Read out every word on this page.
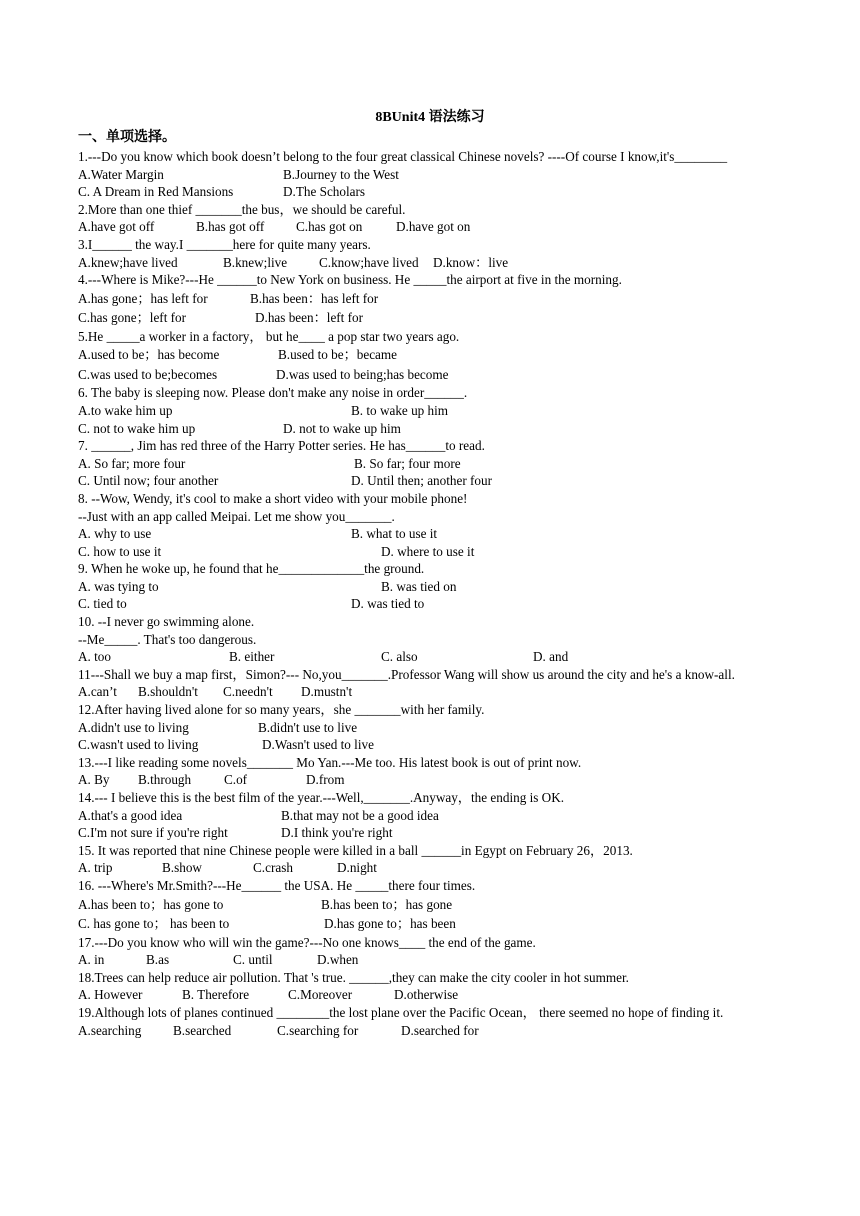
8BUnit4 语法练习
一、单项选择。
1.---Do you know which book doesn’t belong to the four great classical Chinese novels? ----Of course I know,it's________
A.Water Margin	B.Journey to the West
C. A Dream in Red Mansions	D.The Scholars
2.More than one thief _______the bus，we should be careful.
A.have got off	B.has got off C.has got on	D.have got on
3.I______ the way.I _______here for quite many years.
A.knew;have lived	B.knew;live C.know;have lived D.know：live
4.---Where is Mike?---He ______to New York on business. He _____the airport at five in the morning.
A.has gone；has left for	B.has been：has left for
C.has gone；left for	D.has been：left for
5.He _____a worker in a factory， but he____ a pop star two years ago.
A.used to be；has become	B.used to be；became
C.was used to be;becomes	D.was used to being;has become
6. The baby is sleeping now. Please don't make any noise in order______.
A.to wake him up	B. to wake up him
C. not to wake him up	D. not to wake up him
7. ______, Jim has red three of the Harry Potter series. He has______to read.
A. So far; more four	B. So far; four more
C. Until now; four another	D. Until then; another four
8. --Wow, Wendy, it's cool to make a short video with your mobile phone!
--Just with an app called Meipai. Let me show you_______.
A. why to use	B. what to use it
C. how to use it	D. where to use it
9. When he woke up, he found that he_____________the ground.
A. was tying to	B. was tied on
C. tied to	D. was tied to
10. --I never go swimming alone.
--Me_____. That's too dangerous.
A. too	B. either	C. also	D. and
11---Shall we buy a map first，Simon?--- No,you_______.Professor Wang will show us around the city and he's a know-all.
A.can’t B.shouldn't C.needn't D.mustn't
12.After having lived alone for so many years，she _______with her family.
A.didn't use to living	B.didn't use to live
C.wasn't used to living	D.Wasn't used to live
13.---I like reading some novels_______ Mo Yan.---Me too. His latest book is out of print now.
A. By B.through C.of	D.from
14.--- I believe this is the best film of the year.---Well,_______.Anyway，the ending is OK.
A.that's a good idea	B.that may not be a good idea
C.I'm not sure if you're right	D.I think you're right
15. It was reported that nine Chinese people were killed in a ball ______in Egypt on February 26，2013.
A. trip	B.show	C.crash	D.night
16. ---Where's Mr.Smith?---He______ the USA. He _____there four times.
A.has been to；has gone to	B.has been to；has gone
C. has gone to； has been to	D.has gone to；has been
17.---Do you know who will win the game?---No one knows____ the end of the game.
A. in	B.as	C. until	D.when
18.Trees can help reduce air pollution. That 's true. ______,they can make the city cooler in hot summer.
A. However	B. Therefore	C.Moreover	D.otherwise
19.Although lots of planes continued ________the lost plane over the Pacific Ocean， there seemed no hope of finding it.
A.searching B.searched	C.searching for	D.searched for
